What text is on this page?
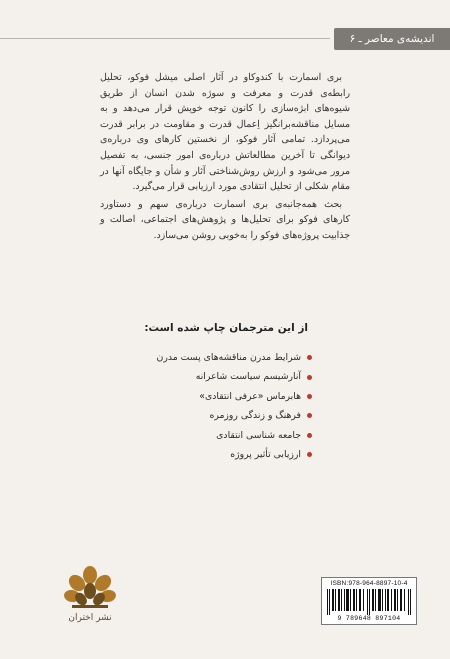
اندیشه‌ی معاصر ـ ۶

بری اسمارت با کندوکاو در آثار اصلی میشل فوکو، تحلیل رابطه‌ی قدرت و معرفت و سوژه شدن انسان از طریق شیوه‌های ابژه‌سازی را کانون توجه خویش قرار می‌دهد و به مسایل مناقشه‌برانگیز اِعمال قدرت و مقاومت در برابر قدرت می‌پردازد. تمامی آثار فوکو، از نخستین کارهای وی درباره‌ی دیوانگی تا آخرین مطالعاتش درباره‌ی امور جنسی، به تفصیل مرور می‌شود و ارزش روش‌شناختی آثار و شأن و جایگاه آنها در مقام شکلی از تحلیل انتقادی مورد ارزیابی قرار می‌گیرد.

بحث همه‌جانبه‌ی بری اسمارت درباره‌ی سهم و دستاورد کارهای فوکو برای تحلیل‌ها و پژوهش‌های اجتماعی، اصالت و جذابیت پروژه‌های فوکو را به‌خوبی روشن می‌سازد.

از این مترجمان چاپ شده است:
شرایط مدرن مناقشه‌های پست مدرن
آنارشیسم سیاست شاعرانه
هابرماس «عرفی انتقادی»
فرهنگ و زندگی روزمره
جامعه شناسی انتقادی
ارزیابی تأثیر پروژه
نشر اختران
ISBN:978-964-8897-10-4
9 789648 897104
